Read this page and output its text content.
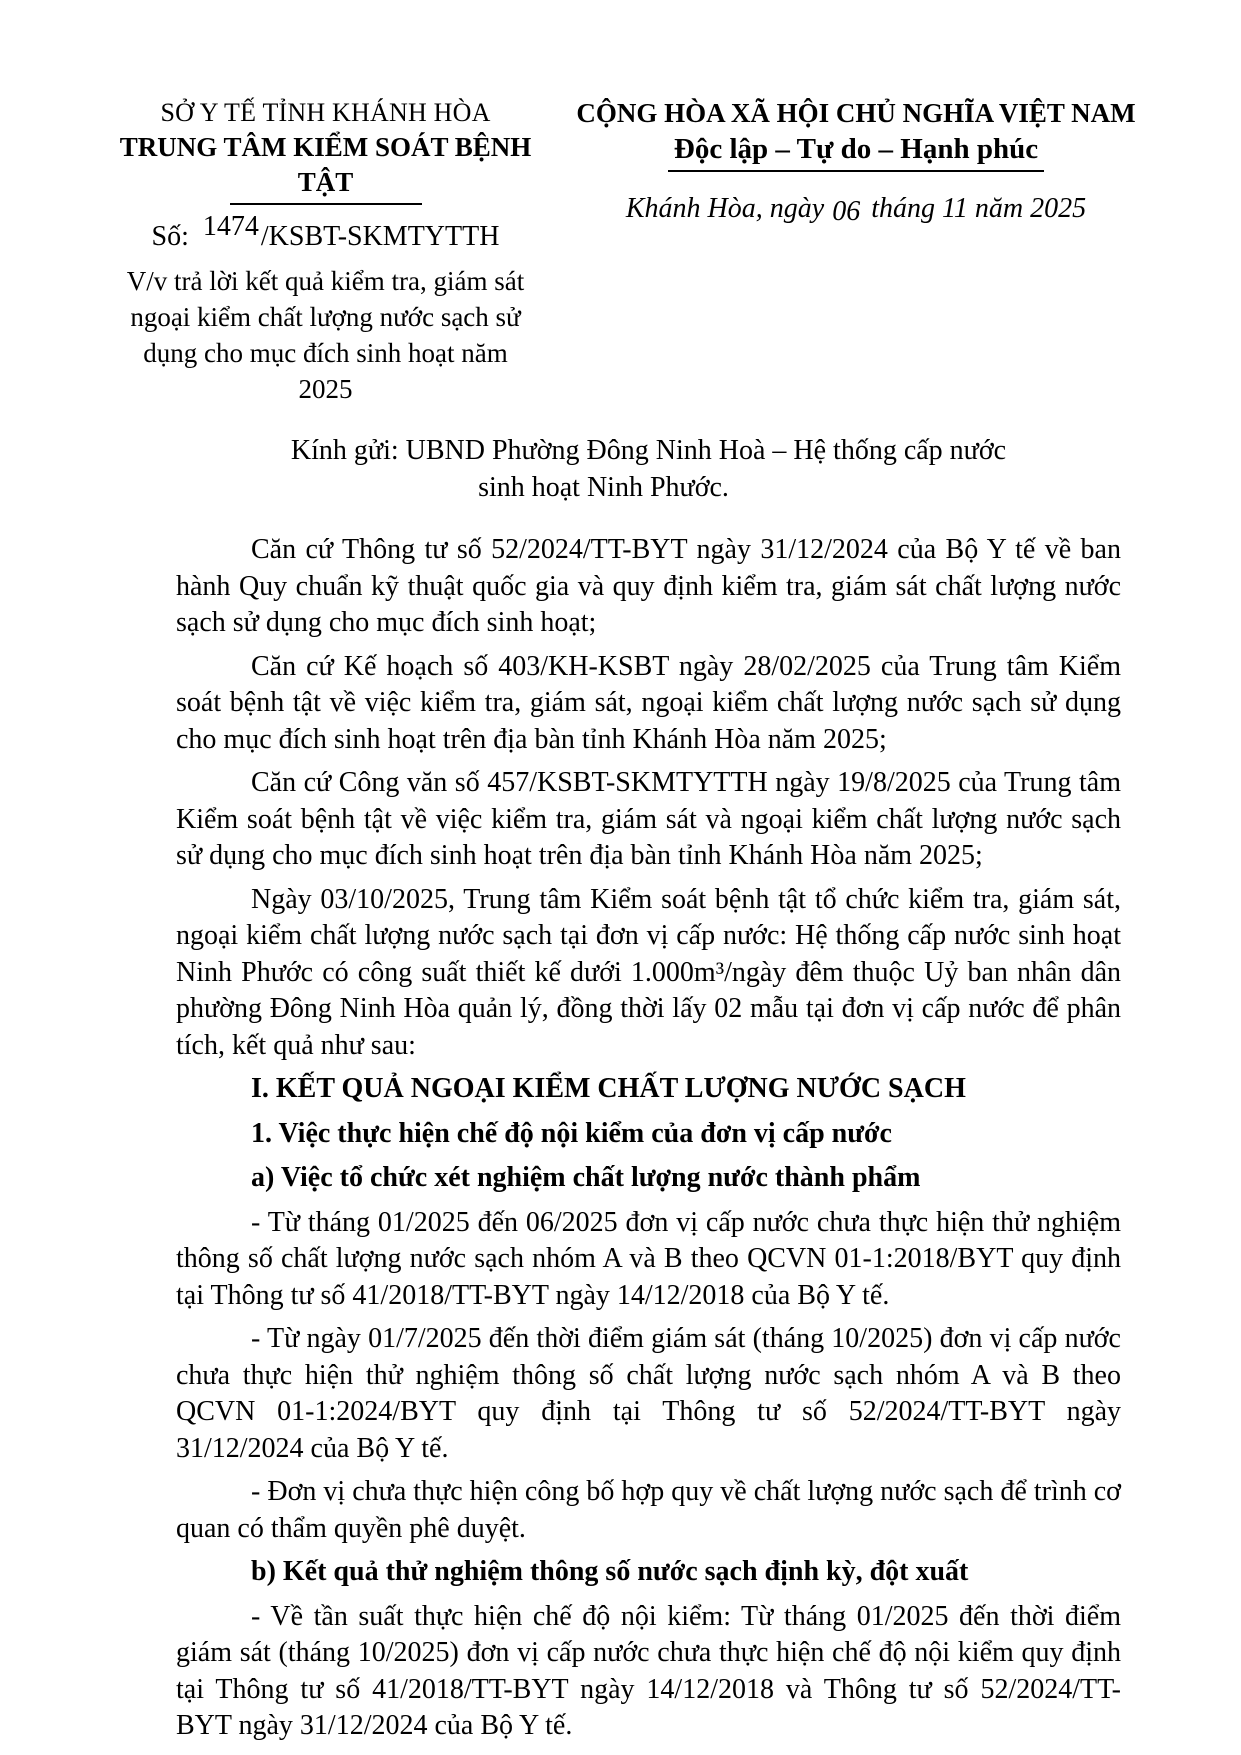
SỞ Y TẾ TỈNH KHÁNH HÒA
TRUNG TÂM KIỂM SOÁT BỆNH TẬT
Số: 1474/KSBT-SKMTYTTH
V/v trả lời kết quả kiểm tra, giám sát ngoại kiểm chất lượng nước sạch sử dụng cho mục đích sinh hoạt năm 2025
CỘNG HÒA XÃ HỘI CHỦ NGHĨA VIỆT NAM
Độc lập – Tự do – Hạnh phúc
Khánh Hòa, ngày 06 tháng 11 năm 2025
Kính gửi: UBND Phường Đông Ninh Hoà – Hệ thống cấp nước
sinh hoạt Ninh Phước.

Căn cứ Thông tư số 52/2024/TT-BYT ngày 31/12/2024 của Bộ Y tế về ban hành Quy chuẩn kỹ thuật quốc gia và quy định kiểm tra, giám sát chất lượng nước sạch sử dụng cho mục đích sinh hoạt;

Căn cứ Kế hoạch số 403/KH-KSBT ngày 28/02/2025 của Trung tâm Kiểm soát bệnh tật về việc kiểm tra, giám sát, ngoại kiểm chất lượng nước sạch sử dụng cho mục đích sinh hoạt trên địa bàn tỉnh Khánh Hòa năm 2025;

Căn cứ Công văn số 457/KSBT-SKMTYTTH ngày 19/8/2025 của Trung tâm Kiểm soát bệnh tật về việc kiểm tra, giám sát và ngoại kiểm chất lượng nước sạch sử dụng cho mục đích sinh hoạt trên địa bàn tỉnh Khánh Hòa năm 2025;

Ngày 03/10/2025, Trung tâm Kiểm soát bệnh tật tổ chức kiểm tra, giám sát, ngoại kiểm chất lượng nước sạch tại đơn vị cấp nước: Hệ thống cấp nước sinh hoạt Ninh Phước có công suất thiết kế dưới 1.000m³/ngày đêm thuộc Uỷ ban nhân dân phường Đông Ninh Hòa quản lý, đồng thời lấy 02 mẫu tại đơn vị cấp nước để phân tích, kết quả như sau:

I. KẾT QUẢ NGOẠI KIỂM CHẤT LƯỢNG NƯỚC SẠCH

1. Việc thực hiện chế độ nội kiểm của đơn vị cấp nước

a) Việc tổ chức xét nghiệm chất lượng nước thành phẩm

- Từ tháng 01/2025 đến 06/2025 đơn vị cấp nước chưa thực hiện thử nghiệm thông số chất lượng nước sạch nhóm A và B theo QCVN 01-1:2018/BYT quy định tại Thông tư số 41/2018/TT-BYT ngày 14/12/2018 của Bộ Y tế.

- Từ ngày 01/7/2025 đến thời điểm giám sát (tháng 10/2025) đơn vị cấp nước chưa thực hiện thử nghiệm thông số chất lượng nước sạch nhóm A và B theo QCVN 01-1:2024/BYT quy định tại Thông tư số 52/2024/TT-BYT ngày 31/12/2024 của Bộ Y tế.

- Đơn vị chưa thực hiện công bố hợp quy về chất lượng nước sạch để trình cơ quan có thẩm quyền phê duyệt.

b) Kết quả thử nghiệm thông số nước sạch định kỳ, đột xuất

- Về tần suất thực hiện chế độ nội kiểm: Từ tháng 01/2025 đến thời điểm giám sát (tháng 10/2025) đơn vị cấp nước chưa thực hiện chế độ nội kiểm quy định tại Thông tư số 41/2018/TT-BYT ngày 14/12/2018 và Thông tư số 52/2024/TT-BYT ngày 31/12/2024 của Bộ Y tế.
